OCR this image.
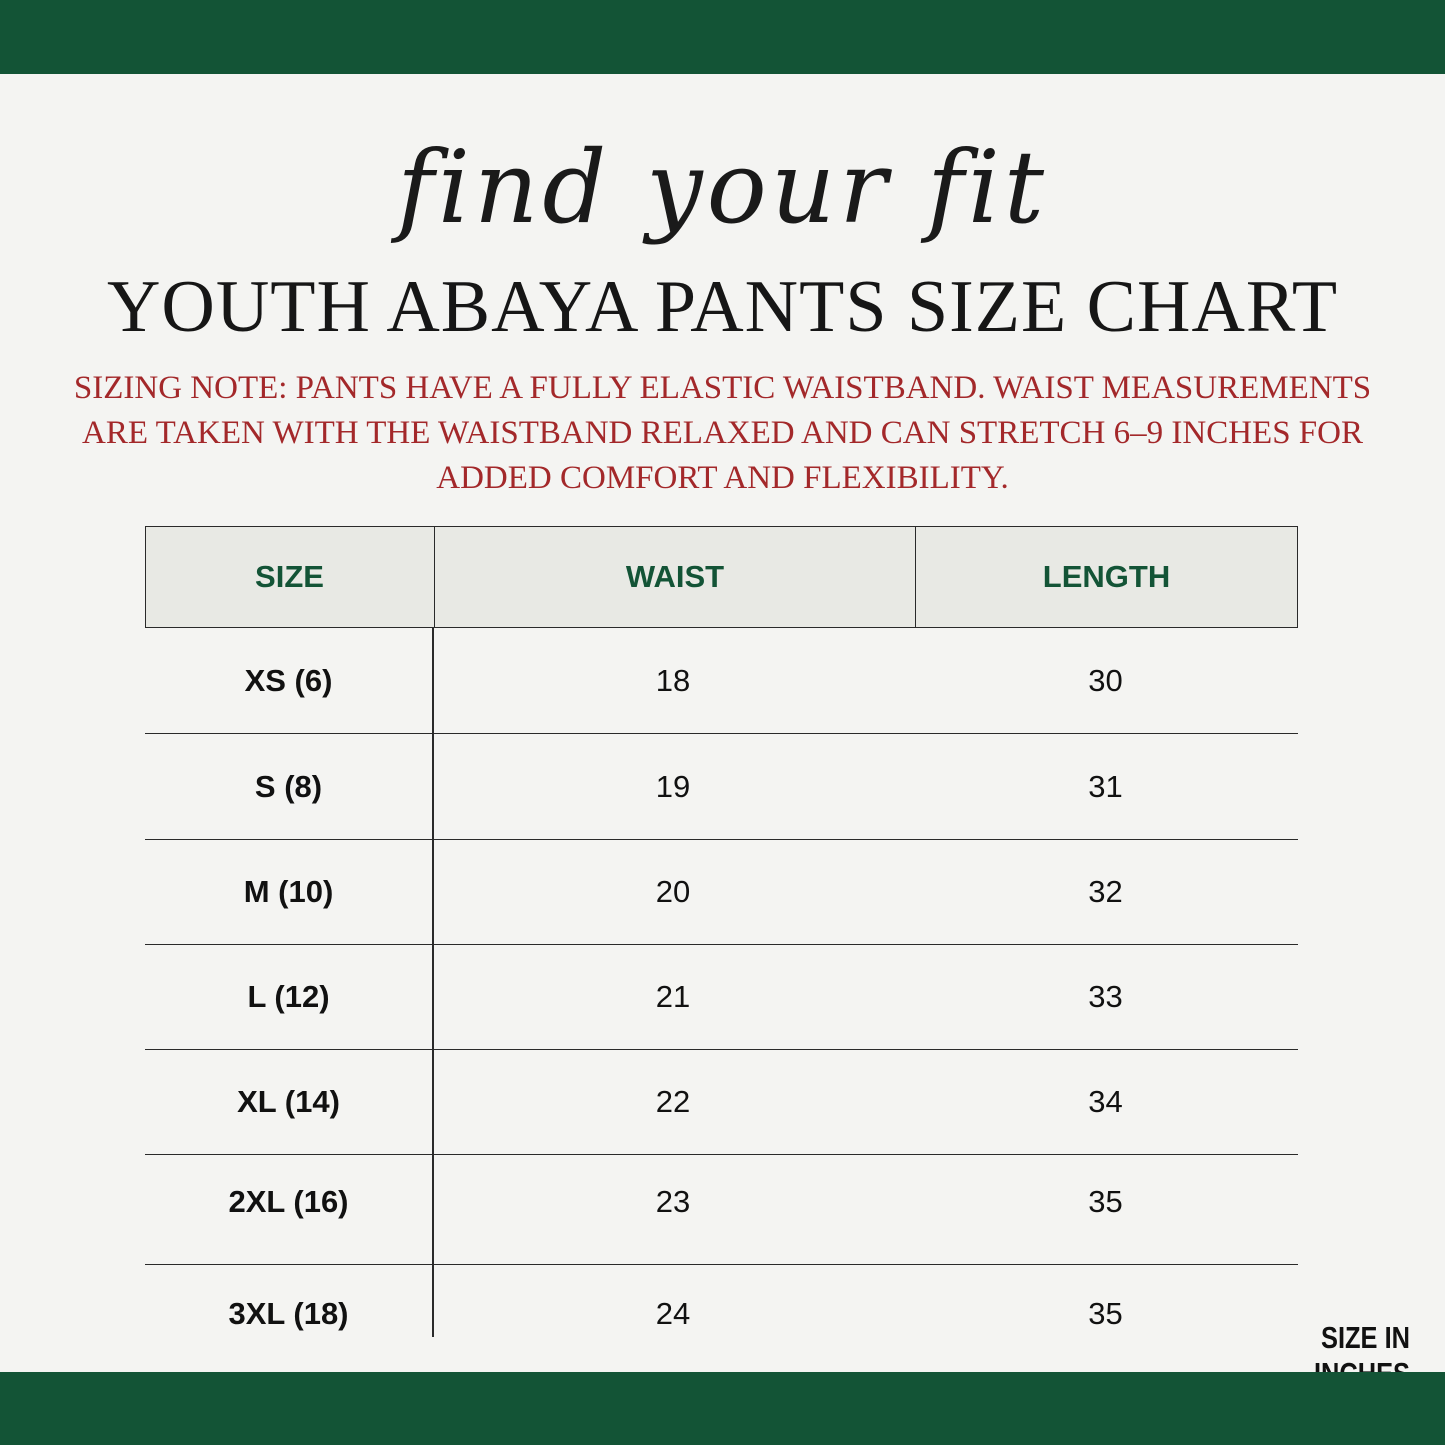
find your fit
YOUTH ABAYA PANTS SIZE CHART
SIZING NOTE: PANTS HAVE A FULLY ELASTIC WAISTBAND. WAIST MEASUREMENTS ARE TAKEN WITH THE WAISTBAND RELAXED AND CAN STRETCH 6–9 INCHES FOR ADDED COMFORT AND FLEXIBILITY.
SIZE	WAIST	LENGTH
XS (6)	18	30
S (8)	19	31
M (10)	20	32
L (12)	21	33
XL (14)	22	34
2XL (16)	23	35
3XL (18)	24	35
SIZE IN
